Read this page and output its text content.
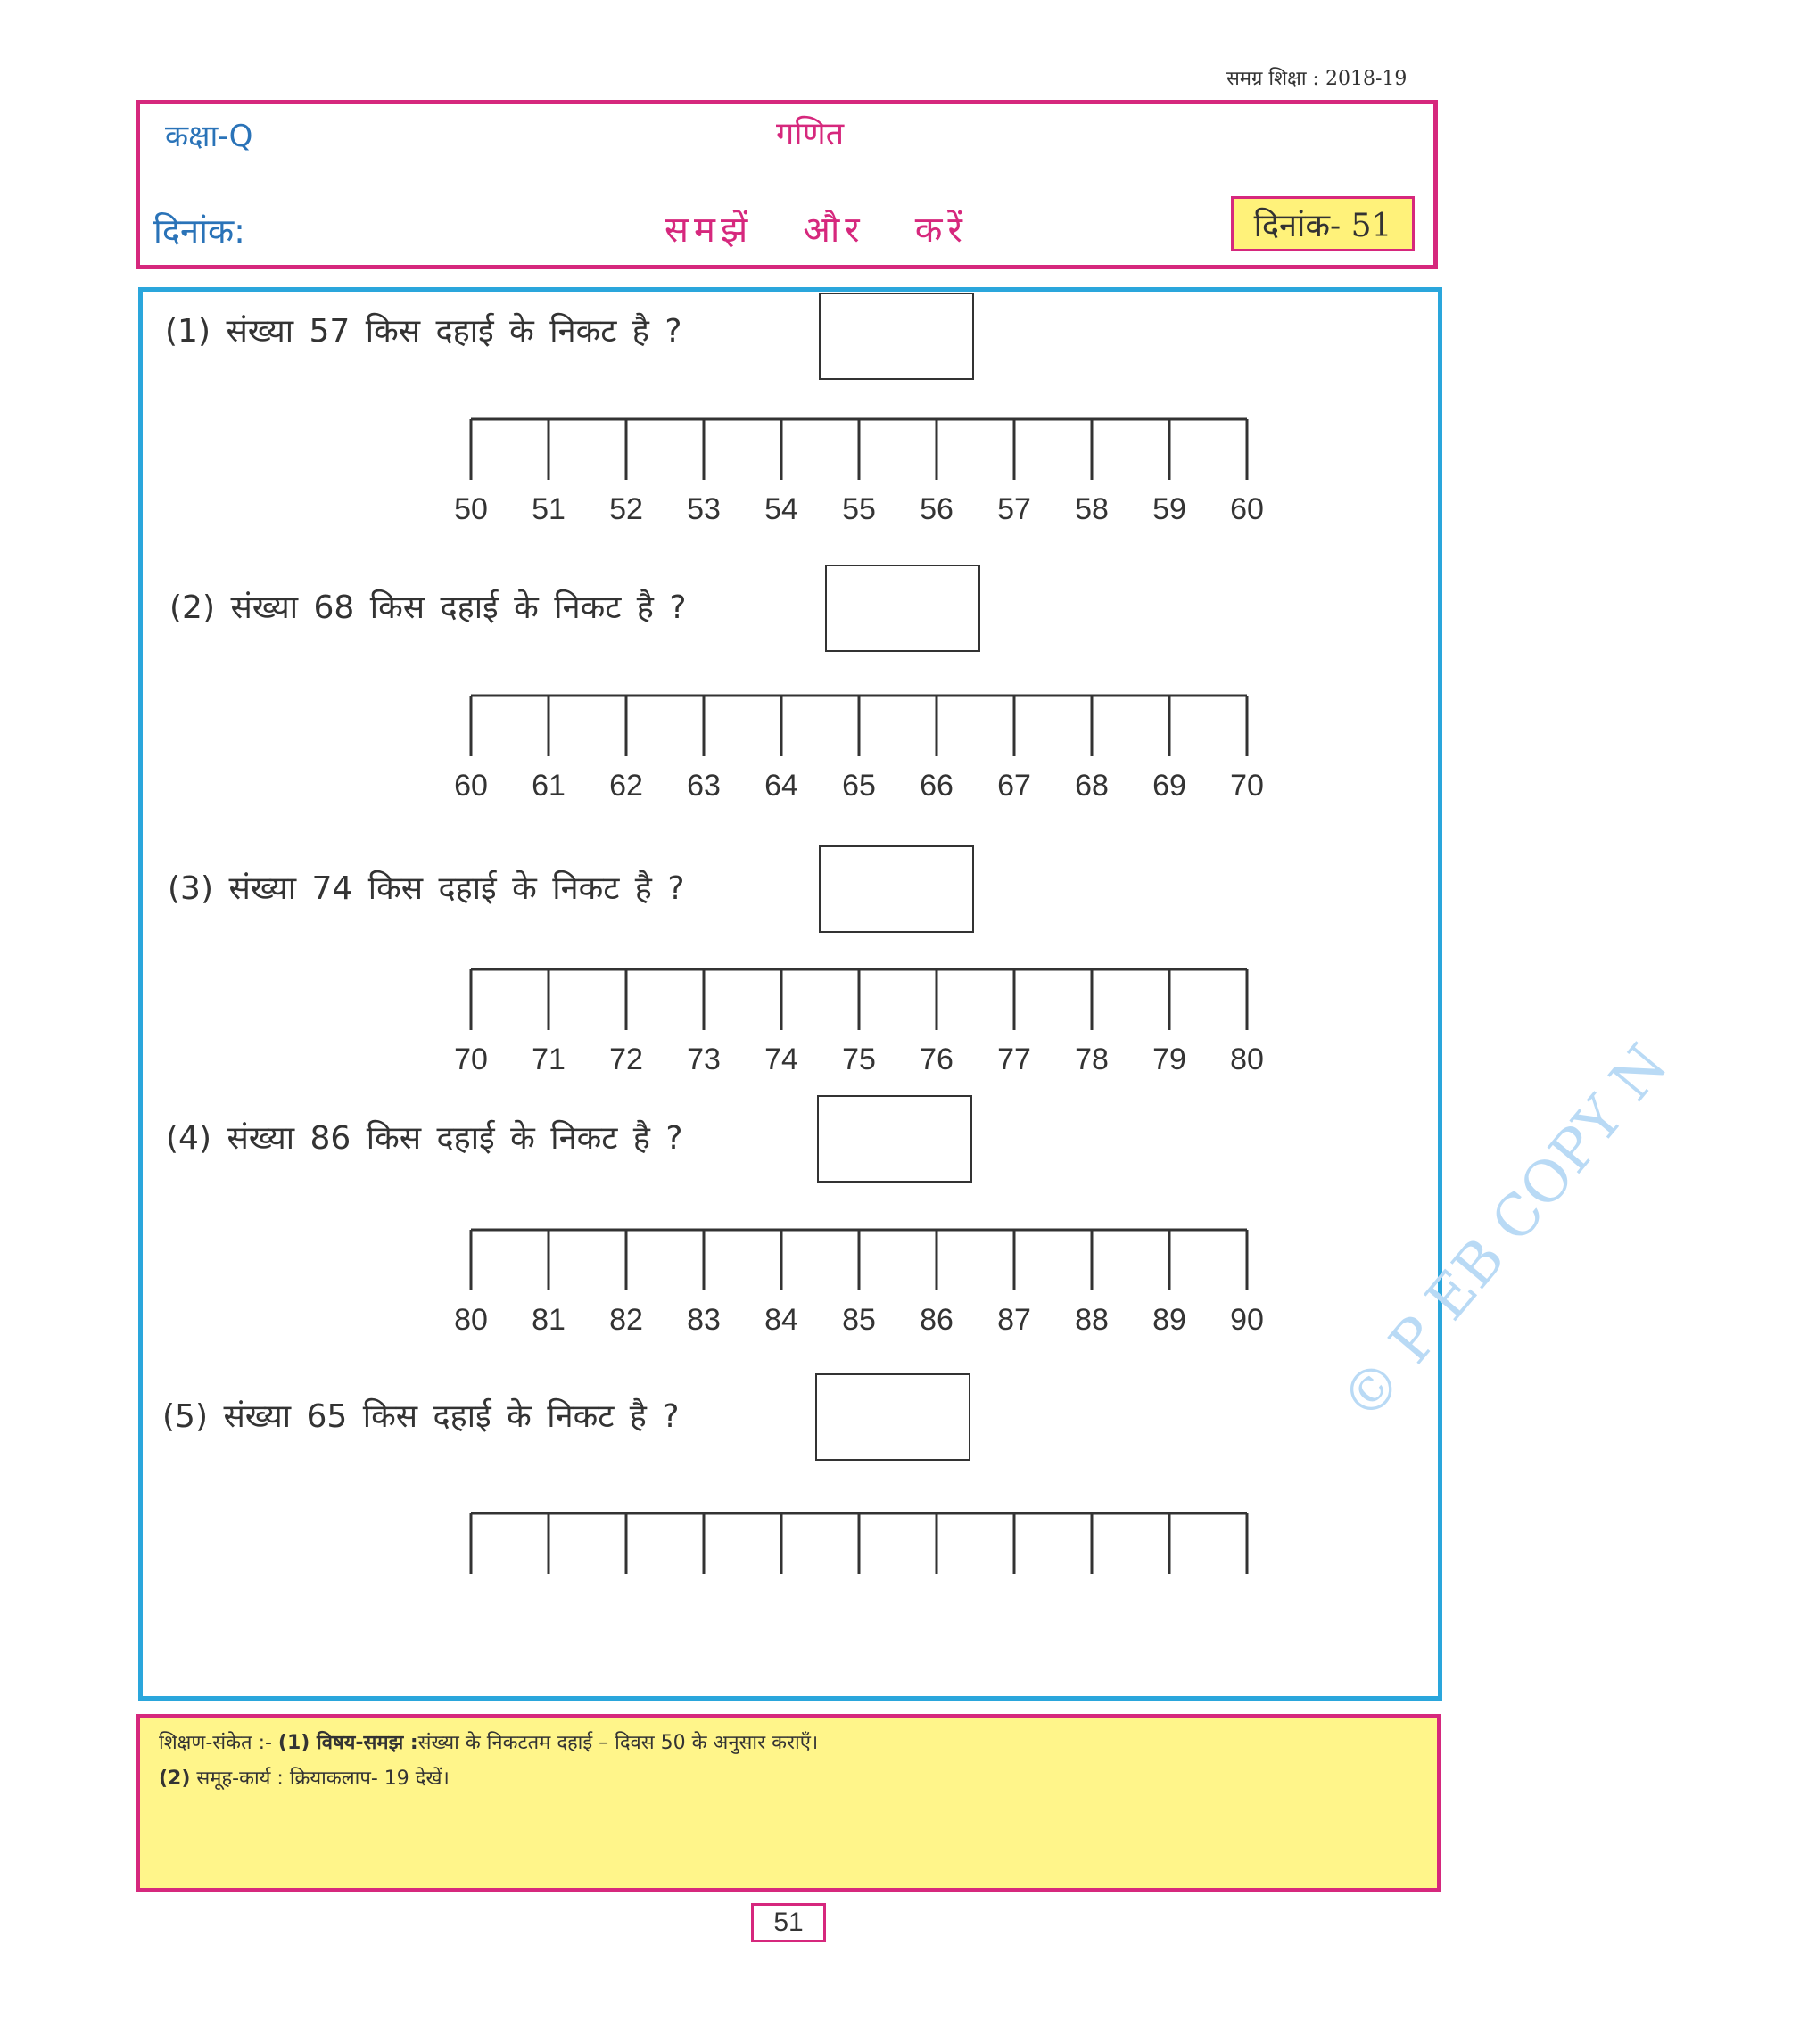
समग्र शिक्षा : 2018-19
कक्षा-Q	गणित
दिनांक:	समझें   और   करें	दिनांक- 51
(1) संख्या 57 किस दहाई के निकट है ?
50 51 52 53 54 55 56 57 58 59 60
(2) संख्या 68 किस दहाई के निकट है ?
60 61 62 63 64 65 66 67 68 69 70
(3) संख्या 74 किस दहाई के निकट है ?
70 71 72 73 74 75 76 77 78 79 80
(4) संख्या 86 किस दहाई के निकट है ?
80 81 82 83 84 85 86 87 88 89 90
(5) संख्या 65 किस दहाई के निकट है ?
शिक्षण-संकेत :- (1) विषय-समझ :संख्या के निकटतम दहाई – दिवस 50 के अनुसार कराएँ।
(2) समूह-कार्य : क्रियाकलाप- 19 देखें।
51
© P EB COPY N
